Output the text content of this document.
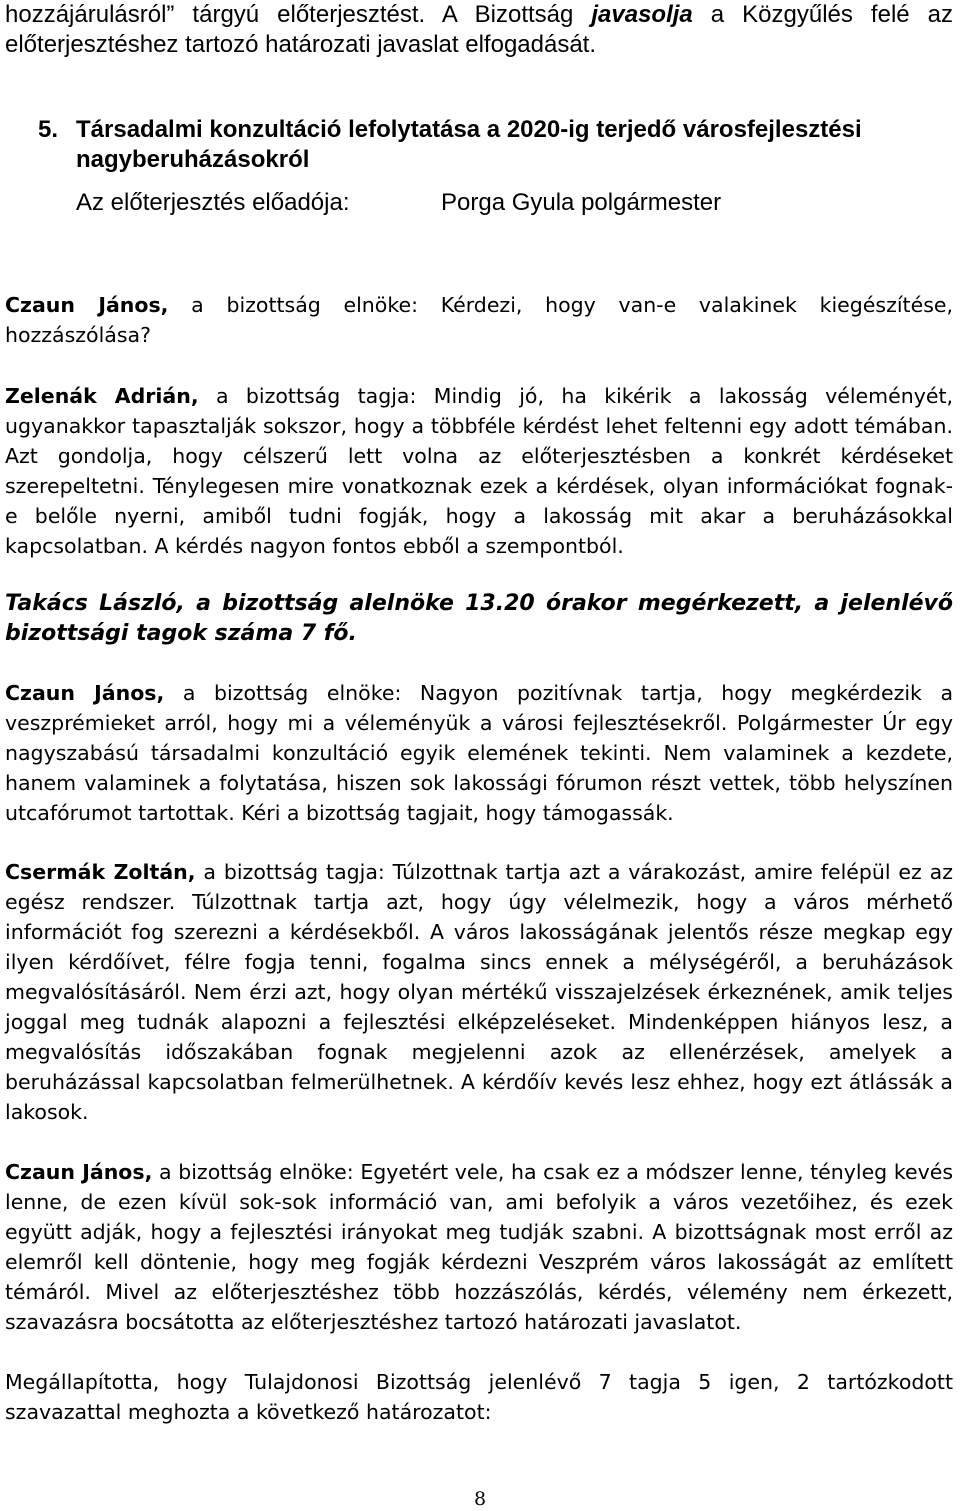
hozzájárulásról” tárgyú előterjesztést. A Bizottság javasolja a Közgyűlés felé az előterjesztéshez tartozó határozati javaslat elfogadását.

5. Társadalmi konzultáció lefolytatása a 2020-ig terjedő városfejlesztési nagyberuházásokról
Az előterjesztés előadója:	Porga Gyula polgármester

Czaun János, a bizottság elnöke: Kérdezi, hogy van-e valakinek kiegészítése, hozzászólása?

Zelenák Adrián, a bizottság tagja: Mindig jó, ha kikérik a lakosság véleményét, ugyanakkor tapasztalják sokszor, hogy a többféle kérdést lehet feltenni egy adott témában. Azt gondolja, hogy célszerű lett volna az előterjesztésben a konkrét kérdéseket szerepeltetni. Ténylegesen mire vonatkoznak ezek a kérdések, olyan információkat fognak-e belőle nyerni, amiből tudni fogják, hogy a lakosság mit akar a beruházásokkal kapcsolatban. A kérdés nagyon fontos ebből a szempontból.

Takács László, a bizottság alelnöke 13.20 órakor megérkezett, a jelenlévő bizottsági tagok száma 7 fő.

Czaun János, a bizottság elnöke: Nagyon pozitívnak tartja, hogy megkérdezik a veszprémieket arról, hogy mi a véleményük a városi fejlesztésekről. Polgármester Úr egy nagyszabású társadalmi konzultáció egyik elemének tekinti. Nem valaminek a kezdete, hanem valaminek a folytatása, hiszen sok lakossági fórumon részt vettek, több helyszínen utcafórumot tartottak. Kéri a bizottság tagjait, hogy támogassák.

Csermák Zoltán, a bizottság tagja: Túlzottnak tartja azt a várakozást, amire felépül ez az egész rendszer. Túlzottnak tartja azt, hogy úgy vélelmezik, hogy a város mérhető információt fog szerezni a kérdésekből. A város lakosságának jelentős része megkap egy ilyen kérdőívet, félre fogja tenni, fogalma sincs ennek a mélységéről, a beruházások megvalósításáról. Nem érzi azt, hogy olyan mértékű visszajelzések érkeznének, amik teljes joggal meg tudnák alapozni a fejlesztési elképzeléseket. Mindenképpen hiányos lesz, a megvalósítás időszakában fognak megjelenni azok az ellenérzések, amelyek a beruházással kapcsolatban felmerülhetnek. A kérdőív kevés lesz ehhez, hogy ezt átlássák a lakosok.

Czaun János, a bizottság elnöke: Egyetért vele, ha csak ez a módszer lenne, tényleg kevés lenne, de ezen kívül sok-sok információ van, ami befolyik a város vezetőihez, és ezek együtt adják, hogy a fejlesztési irányokat meg tudják szabni. A bizottságnak most erről az elemről kell döntenie, hogy meg fogják kérdezni Veszprém város lakosságát az említett témáról. Mivel az előterjesztéshez több hozzászólás, kérdés, vélemény nem érkezett, szavazásra bocsátotta az előterjesztéshez tartozó határozati javaslatot.

Megállapította, hogy Tulajdonosi Bizottság jelenlévő 7 tagja 5 igen, 2 tartózkodott szavazattal meghozta a következő határozatot:

8
